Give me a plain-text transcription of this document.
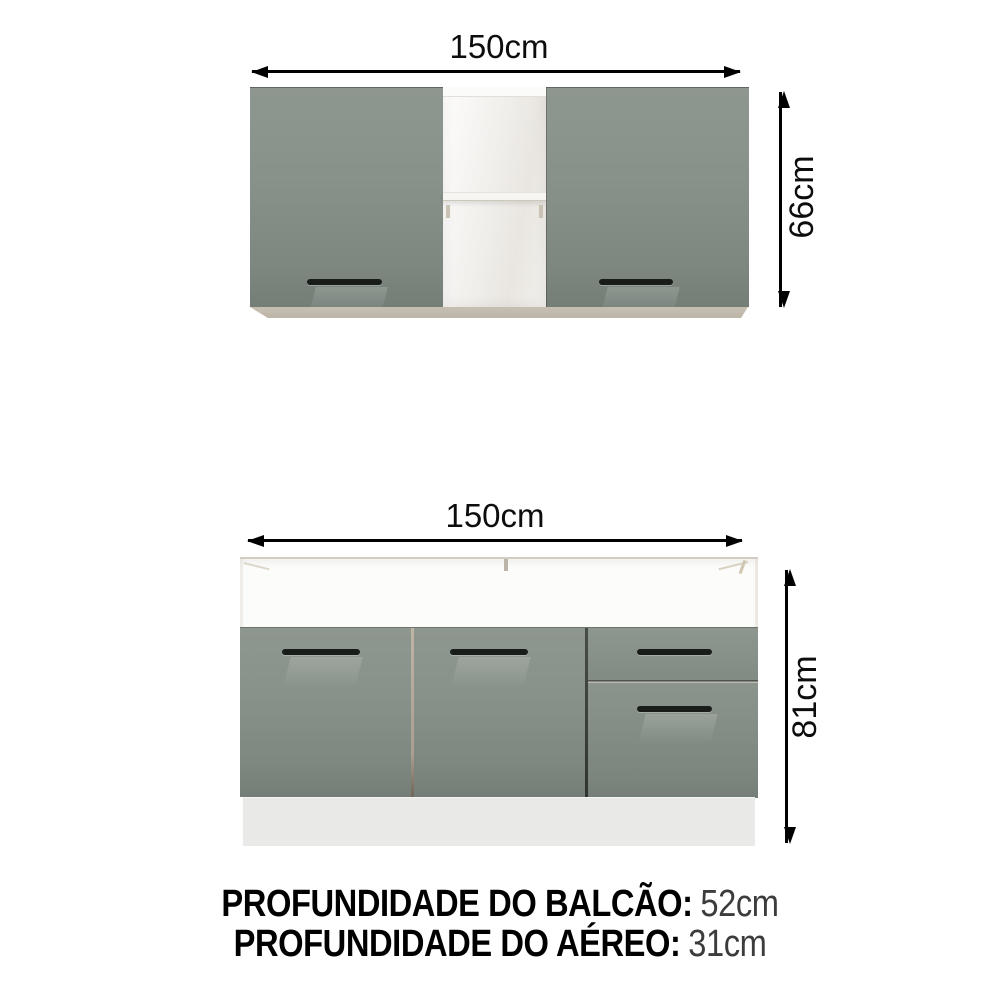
150cm
66cm
150cm
81cm
PROFUNDIDADE DO BALCÃO: 52cm
PROFUNDIDADE DO AÉREO: 31cm
